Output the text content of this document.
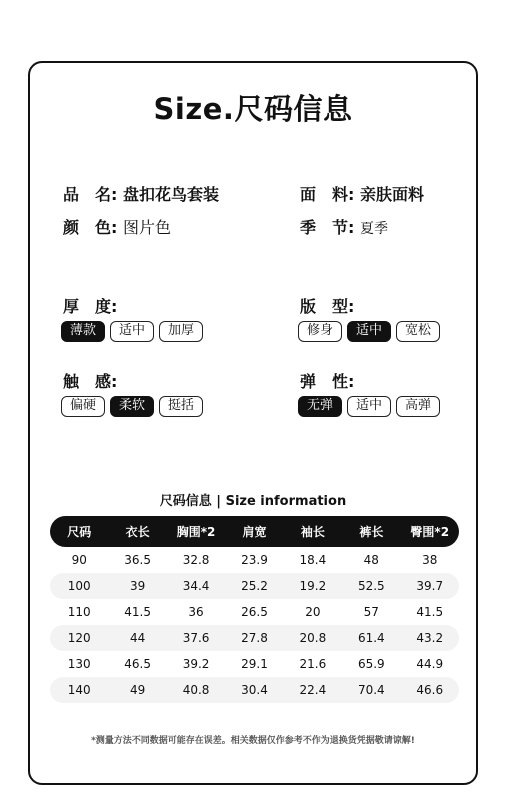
Size.尺码信息
品　名: 盘扣花鸟套装	面　料: 亲肤面料
颜　色: 图片色	季　节: 夏季
厚　度:
薄款	适中	加厚
版　型:
修身	适中	宽松
触　感:
偏硬	柔软	挺括
弹　性:
无弹	适中	高弹
尺码信息 | Size information
尺码	衣长	胸围*2	肩宽	袖长	裤长	臀围*2
90	36.5	32.8	23.9	18.4	48	38
100	39	34.4	25.2	19.2	52.5	39.7
110	41.5	36	26.5	20	57	41.5
120	44	37.6	27.8	20.8	61.4	43.2
130	46.5	39.2	29.1	21.6	65.9	44.9
140	49	40.8	30.4	22.4	70.4	46.6
*测量方法不同数据可能存在误差。相关数据仅作参考不作为退换货凭据敬请谅解!
